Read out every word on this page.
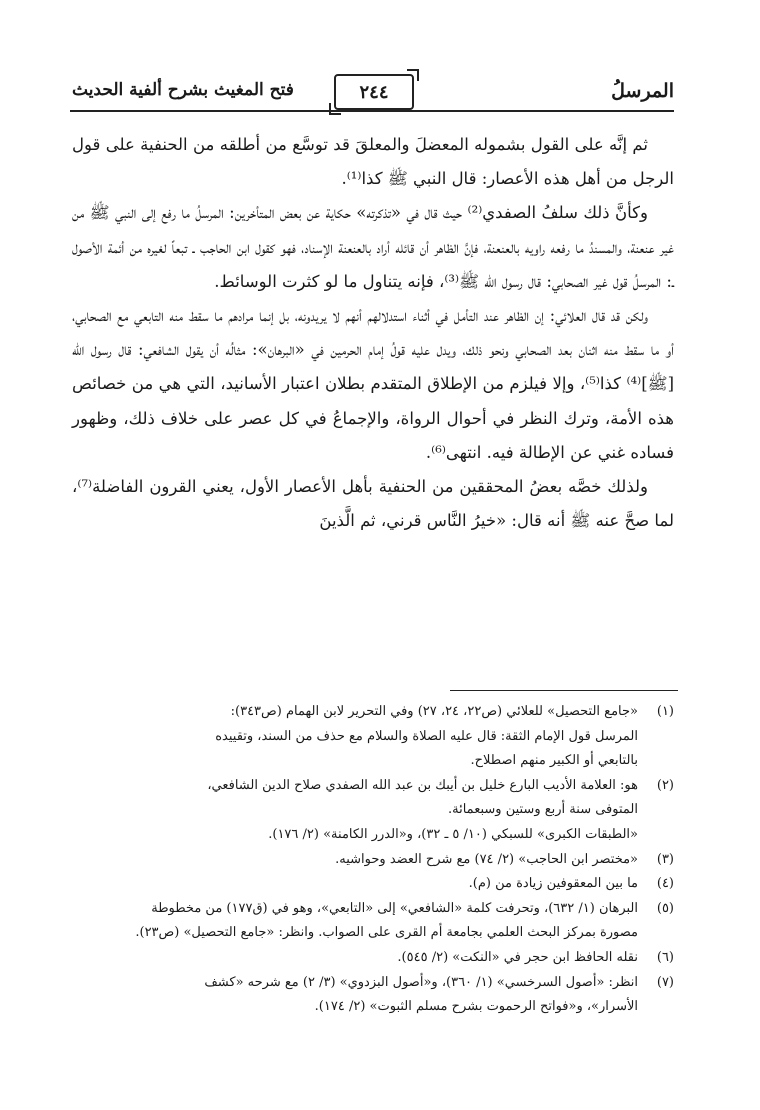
المرسلُ
٢٤٤
فتح المغيث بشرح ألفية الحديث

ثم إنَّه على القول بشموله المعضلَ والمعلقَ قد توسَّع من أطلقه من الحنفية على قول الرجل من أهل هذه الأعصار: قال النبي ﷺ كذا⁽¹⁾.

وكأنَّ ذلك سلفُ الصفدي⁽²⁾ حيث قال في «تذكرته» حكاية عن بعض المتأخرين: المرسلُ ما رفع إلى النبي ﷺ من غير عنعنة، والمسندُ ما رفعه راويه بالعنعنة، فإنَّ الظاهر أن قائله أراد بالعنعنة الإسناد، فهو كقول ابن الحاجب ـ تبعاً لغيره من أئمة الأصول ـ: المرسلُ قول غير الصحابي: قال رسول الله ﷺ⁽³⁾، فإنه يتناول ما لو كثرت الوسائط.

ولكن قد قال العلائي: إن الظاهر عند التأمل في أثناء استدلالهم أنهم لا يريدونه، بل إنما مرادهم ما سقط منه التابعي مع الصحابي، أو ما سقط منه اثنان بعد الصحابي ونحو ذلك، ويدل عليه قولُ إمام الحرمين في «البرهان»: مثالُه أن يقول الشافعي: قال رسول الله [ﷺ]⁽⁴⁾ كذا⁽⁵⁾، وإلا فيلزم من الإطلاق المتقدم بطلان اعتبار الأسانيد، التي هي من خصائص هذه الأمة، وترك النظر في أحوال الرواة، والإجماعُ في كل عصر على خلاف ذلك، وظهور فساده غني عن الإطالة فيه. انتهى⁽⁶⁾.

ولذلك خصَّه بعضُ المحققين من الحنفية بأهل الأعصار الأول، يعني القرون الفاضلة⁽⁷⁾، لما صحَّ عنه ﷺ أنه قال: «خيرُ النَّاس قرني، ثم الَّذينَ

(١)
«جامع التحصيل» للعلائي (ص٢٢، ٢٤، ٢٧) وفي التحرير لابن الهمام (ص٣٤٣):
المرسل قول الإمام الثقة: قال عليه الصلاة والسلام مع حذف من السند، وتقييده
بالتابعي أو الكبير منهم اصطلاح.
(٢)
هو: العلامة الأديب البارع خليل بن أيبك بن عبد الله الصفدي صلاح الدين الشافعي،
المتوفى سنة أربع وستين وسبعمائة.
«الطبقات الكبرى» للسبكي (١٠/ ٥ ـ ٣٢)، و«الدرر الكامنة» (٢/ ١٧٦).
(٣)
«مختصر ابن الحاجب» (٢/ ٧٤) مع شرح العضد وحواشيه.
(٤)
ما بين المعقوفين زيادة من (م).
(٥)
البرهان (١/ ٦٣٢)، وتحرفت كلمة «الشافعي» إلى «التابعي»، وهو في (ق١٧٧) من مخطوطة
مصورة بمركز البحث العلمي بجامعة أم القرى على الصواب. وانظر: «جامع التحصيل» (ص٢٣).
(٦)
نقله الحافظ ابن حجر في «النكت» (٢/ ٥٤٥).
(٧)
انظر: «أصول السرخسي» (١/ ٣٦٠)، و«أصول البزدوي» (٣/ ٢) مع شرحه «كشف
الأسرار»، و«فواتح الرحموت بشرح مسلم الثبوت» (٢/ ١٧٤).
